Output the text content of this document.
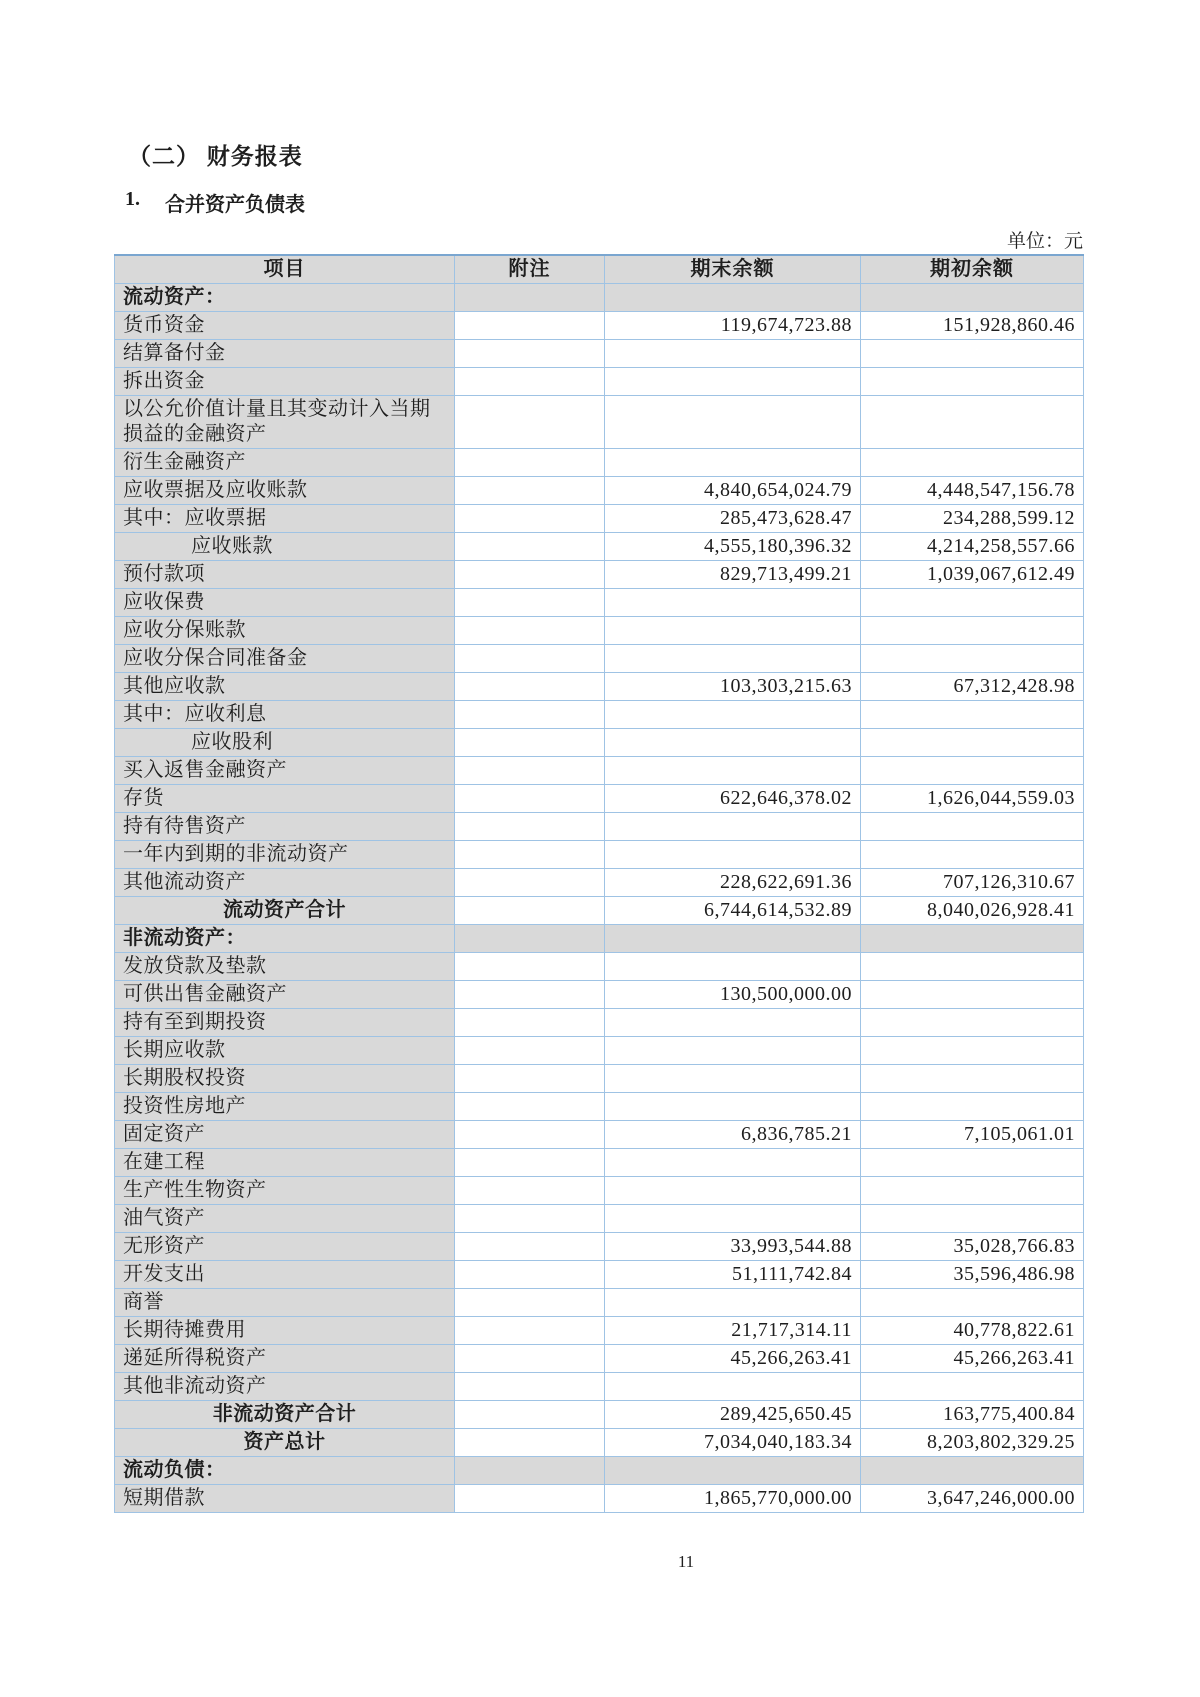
（二） 财务报表
1.	合并资产负债表
单位：元
项目	附注	期末余额	期初余额
流动资产：			
货币资金		119,674,723.88	151,928,860.46
结算备付金			
拆出资金			
以公允价值计量且其变动计入当期损益的金融资产			
衍生金融资产			
应收票据及应收账款		4,840,654,024.79	4,448,547,156.78
其中：应收票据		285,473,628.47	234,288,599.12
应收账款		4,555,180,396.32	4,214,258,557.66
预付款项		829,713,499.21	1,039,067,612.49
应收保费			
应收分保账款			
应收分保合同准备金			
其他应收款		103,303,215.63	67,312,428.98
其中：应收利息			
应收股利			
买入返售金融资产			
存货		622,646,378.02	1,626,044,559.03
持有待售资产			
一年内到期的非流动资产			
其他流动资产		228,622,691.36	707,126,310.67
流动资产合计		6,744,614,532.89	8,040,026,928.41
非流动资产：			
发放贷款及垫款			
可供出售金融资产		130,500,000.00	
持有至到期投资			
长期应收款			
长期股权投资			
投资性房地产			
固定资产		6,836,785.21	7,105,061.01
在建工程			
生产性生物资产			
油气资产			
无形资产		33,993,544.88	35,028,766.83
开发支出		51,111,742.84	35,596,486.98
商誉			
长期待摊费用		21,717,314.11	40,778,822.61
递延所得税资产		45,266,263.41	45,266,263.41
其他非流动资产			
非流动资产合计		289,425,650.45	163,775,400.84
资产总计		7,034,040,183.34	8,203,802,329.25
流动负债：			
短期借款		1,865,770,000.00	3,647,246,000.00
11
